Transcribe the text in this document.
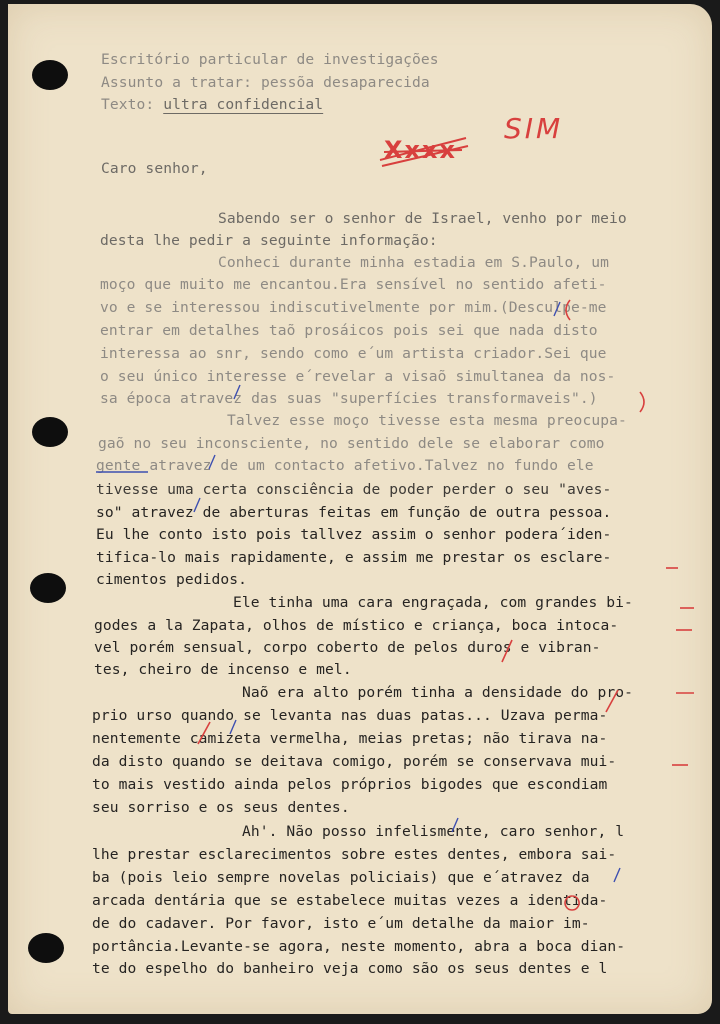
Escritório particular de investigações

Assunto a tratar: pessõa desaparecida

Texto: ultra confidencial

Xxxx
SIM

Caro senhor,

Sabendo ser o senhor de Israel, venho por meio

desta lhe pedir a seguinte informação:

Conheci durante minha estadia em S.Paulo, um

moço que muito me encantou.Era sensível no sentido afeti-

vo e se interessou indiscutivelmente por mim.(Desculpe-me

entrar em detalhes taõ prosáicos pois sei que nada disto

interessa ao snr, sendo como e´um artista criador.Sei que

o seu único interesse e´revelar a visaõ simultanea da nos-

sa época atravez das suas "superfícies transformaveis".)

Talvez esse moço tivesse esta mesma preocupa-

gaõ no seu inconsciente, no sentido dele se elaborar como

gente atravez de um contacto afetivo.Talvez no fundo ele

tivesse uma certa consciência de poder perder o seu "aves-

so" atravez de aberturas feitas em função de outra pessoa.

Eu lhe conto isto pois tallvez assim o senhor podera´iden-

tifica-lo mais rapidamente, e assim me prestar os esclare-

cimentos pedidos.

Ele tinha uma cara engraçada, com grandes bi-

godes a la Zapata, olhos de místico e criança, boca intoca-

vel porém sensual, corpo coberto de pelos duros e vibran-

tes, cheiro de incenso e mel.

Naõ era alto porém tinha a densidade do pro-

prio urso quando se levanta nas duas patas... Uzava perma-

nentemente camizeta vermelha, meias pretas; não tirava na-

da disto quando se deitava comigo, porém se conservava mui-

to mais vestido ainda pelos próprios bigodes que escondiam

seu sorriso e os seus dentes.

Ah'. Não posso infelismente, caro senhor, l

lhe prestar esclarecimentos sobre estes dentes, embora sai-

ba (pois leio sempre novelas policiais) que e´atravez da

arcada dentária que se estabelece muitas vezes a identida-

de do cadaver. Por favor, isto e´um detalhe da maior im-

portância.Levante-se agora, neste momento, abra a boca dian-

te do espelho do banheiro veja como são os seus dentes e l
